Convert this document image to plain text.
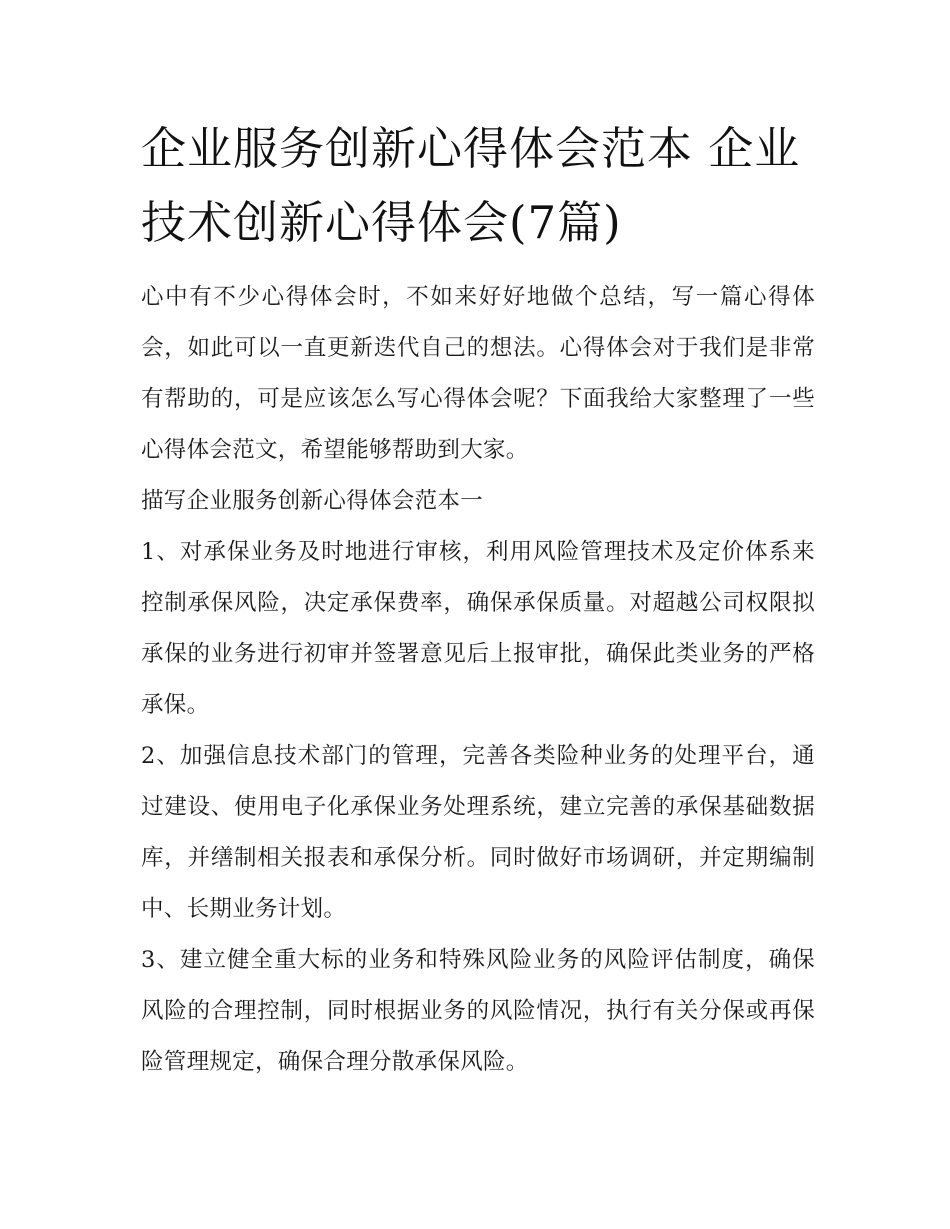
企业服务创新心得体会范本 企业技术创新心得体会(7篇)

心中有不少心得体会时，不如来好好地做个总结，写一篇心得体会，如此可以一直更新迭代自己的想法。心得体会对于我们是非常有帮助的，可是应该怎么写心得体会呢？下面我给大家整理了一些心得体会范文，希望能够帮助到大家。

描写企业服务创新心得体会范本一

1、对承保业务及时地进行审核，利用风险管理技术及定价体系来控制承保风险，决定承保费率，确保承保质量。对超越公司权限拟承保的业务进行初审并签署意见后上报审批，确保此类业务的严格承保。

2、加强信息技术部门的管理，完善各类险种业务的处理平台，通过建设、使用电子化承保业务处理系统，建立完善的承保基础数据库，并缮制相关报表和承保分析。同时做好市场调研，并定期编制中、长期业务计划。

3、建立健全重大标的业务和特殊风险业务的风险评估制度，确保风险的合理控制，同时根据业务的风险情况，执行有关分保或再保险管理规定，确保合理分散承保风险。
